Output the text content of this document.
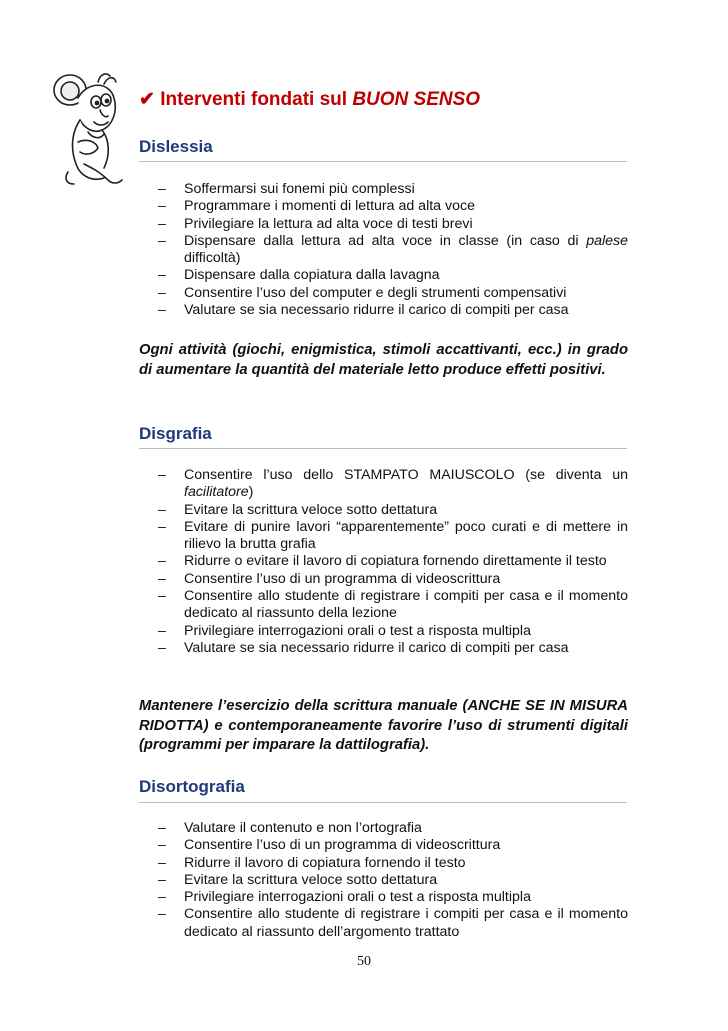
✔ Interventi fondati sul BUON SENSO
Dislessia
– Soffermarsi sui fonemi più complessi
– Programmare i momenti di lettura ad alta voce
– Privilegiare la lettura ad alta voce di testi brevi
– Dispensare dalla lettura ad alta voce in classe (in caso di palese difficoltà)
– Dispensare dalla copiatura dalla lavagna
– Consentire l’uso del computer e degli strumenti compensativi
– Valutare se sia necessario ridurre il carico di compiti per casa
Ogni attività (giochi, enigmistica, stimoli accattivanti, ecc.) in grado di aumentare la quantità del materiale letto produce effetti positivi.
Disgrafia
– Consentire l’uso dello STAMPATO MAIUSCOLO (se diventa un facilitatore)
– Evitare la scrittura veloce sotto dettatura
– Evitare di punire lavori “apparentemente” poco curati e di mettere in rilievo la brutta grafia
– Ridurre o evitare il lavoro di copiatura fornendo direttamente il testo
– Consentire l’uso di un programma di videoscrittura
– Consentire allo studente di registrare i compiti per casa e il momento dedicato al riassunto della lezione
– Privilegiare interrogazioni orali o test a risposta multipla
– Valutare se sia necessario ridurre il carico di compiti per casa
Mantenere l’esercizio della scrittura manuale (ANCHE SE IN MISURA RIDOTTA) e contemporaneamente favorire l’uso di strumenti digitali (programmi per imparare la dattilografia).
Disortografia
– Valutare il contenuto e non l’ortografia
– Consentire l’uso di un programma di videoscrittura
– Ridurre il lavoro di copiatura fornendo il testo
– Evitare la scrittura veloce sotto dettatura
– Privilegiare interrogazioni orali o test a risposta multipla
– Consentire allo studente di registrare i compiti per casa e il momento dedicato al riassunto dell’argomento trattato
50
